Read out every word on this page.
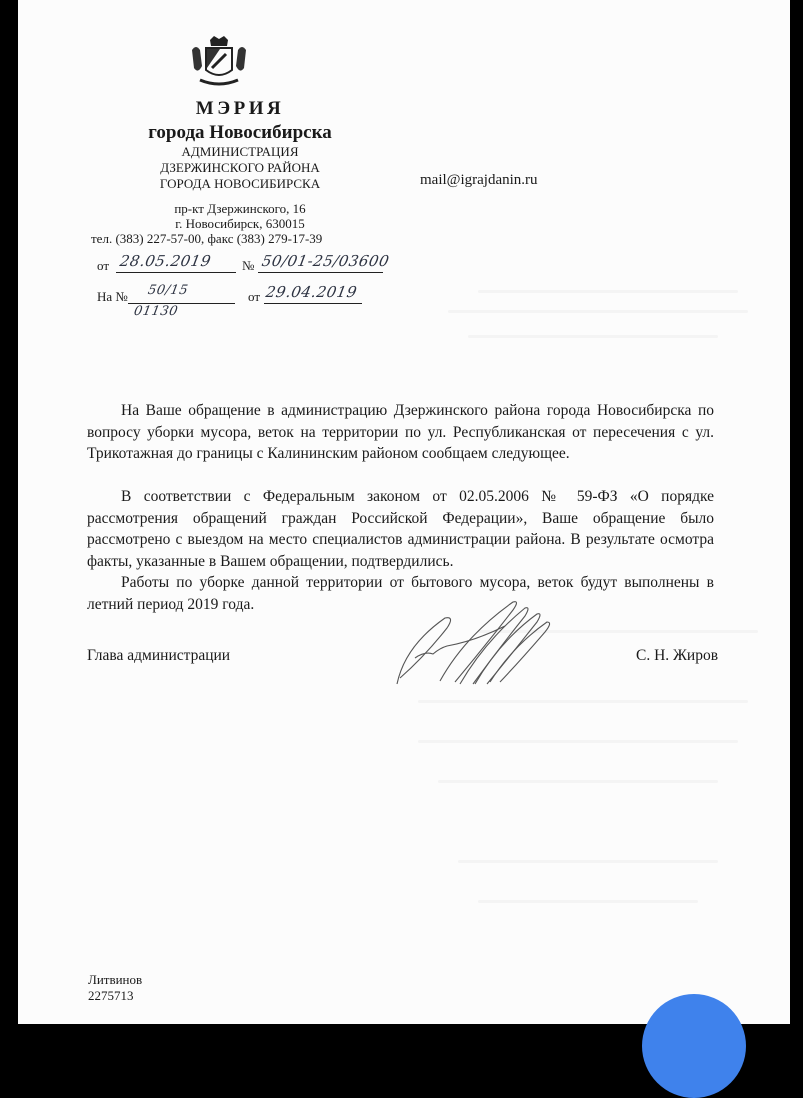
МЭРИЯ
города Новосибирска
АДМИНИСТРАЦИЯ
ДЗЕРЖИНСКОГО РАЙОНА
ГОРОДА НОВОСИБИРСКА
пр-кт Дзержинского, 16
г. Новосибирск, 630015
тел. (383) 227-57-00, факс (383) 279-17-39
mail@igrajdanin.ru
от 28.05.2019 № 50/01-25/03600
На № 50/15
01130
от 29.04.2019

На Ваше обращение в администрацию Дзержинского района города Новосибирска по вопросу уборки мусора, веток на территории по ул. Республиканская от пересечения с ул. Трикотажная до границы с Калининским районом сообщаем следующее.

В соответствии с Федеральным законом от 02.05.2006 № 59-ФЗ «О порядке рассмотрения обращений граждан Российской Федерации», Ваше обращение было рассмотрено с выездом на место специалистов администрации района. В результате осмотра факты, указанные в Вашем обращении, подтвердились.

Работы по уборке данной территории от бытового мусора, веток будут выполнены в летний период 2019 года.

Глава администрации	С. Н. Жиров
Литвинов
2275713
